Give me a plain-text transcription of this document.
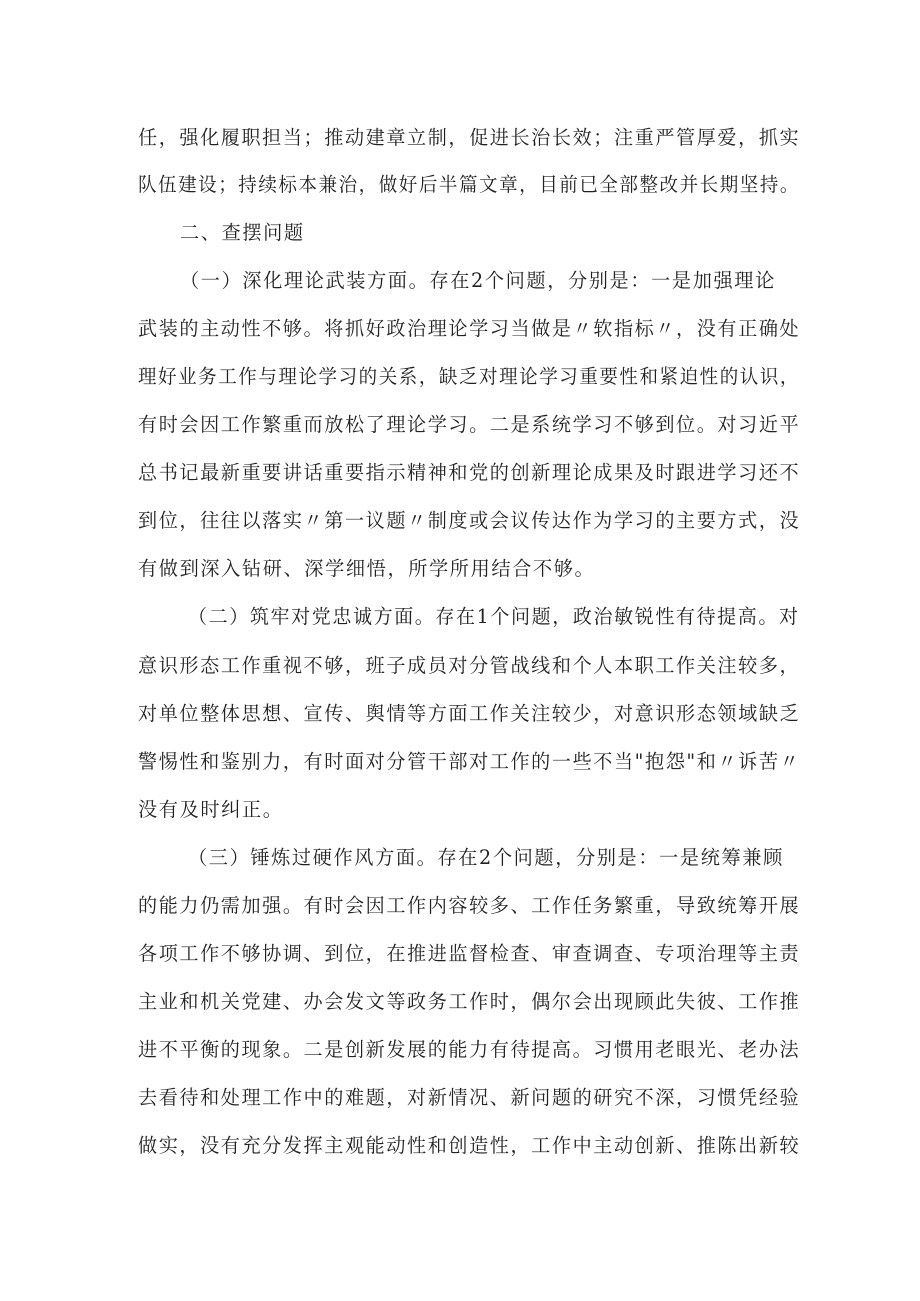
任，强化履职担当；推动建章立制，促进长治长效；注重严管厚爱，抓实
队伍建设；持续标本兼治，做好后半篇文章，目前已全部整改并长期坚持。
二、查摆问题
（一）深化理论武装方面。存在2个问题，分别是：一是加强理论
武装的主动性不够。将抓好政治理论学习当做是〃软指标〃，没有正确处
理好业务工作与理论学习的关系，缺乏对理论学习重要性和紧迫性的认识，
有时会因工作繁重而放松了理论学习。二是系统学习不够到位。对习近平
总书记最新重要讲话重要指示精神和党的创新理论成果及时跟进学习还不
到位，往往以落实〃第一议题〃制度或会议传达作为学习的主要方式，没
有做到深入钻研、深学细悟，所学所用结合不够。
（二）筑牢对党忠诚方面。存在1个问题，政治敏锐性有待提高。对
意识形态工作重视不够，班子成员对分管战线和个人本职工作关注较多，
对单位整体思想、宣传、舆情等方面工作关注较少，对意识形态领域缺乏
警惕性和鉴别力，有时面对分管干部对工作的一些不当"抱怨"和〃诉苦〃
没有及时纠正。
（三）锤炼过硬作风方面。存在2个问题，分别是：一是统筹兼顾
的能力仍需加强。有时会因工作内容较多、工作任务繁重，导致统筹开展
各项工作不够协调、到位，在推进监督检查、审查调查、专项治理等主责
主业和机关党建、办会发文等政务工作时，偶尔会出现顾此失彼、工作推
进不平衡的现象。二是创新发展的能力有待提高。习惯用老眼光、老办法
去看待和处理工作中的难题，对新情况、新问题的研究不深，习惯凭经验
做实，没有充分发挥主观能动性和创造性，工作中主动创新、推陈出新较
